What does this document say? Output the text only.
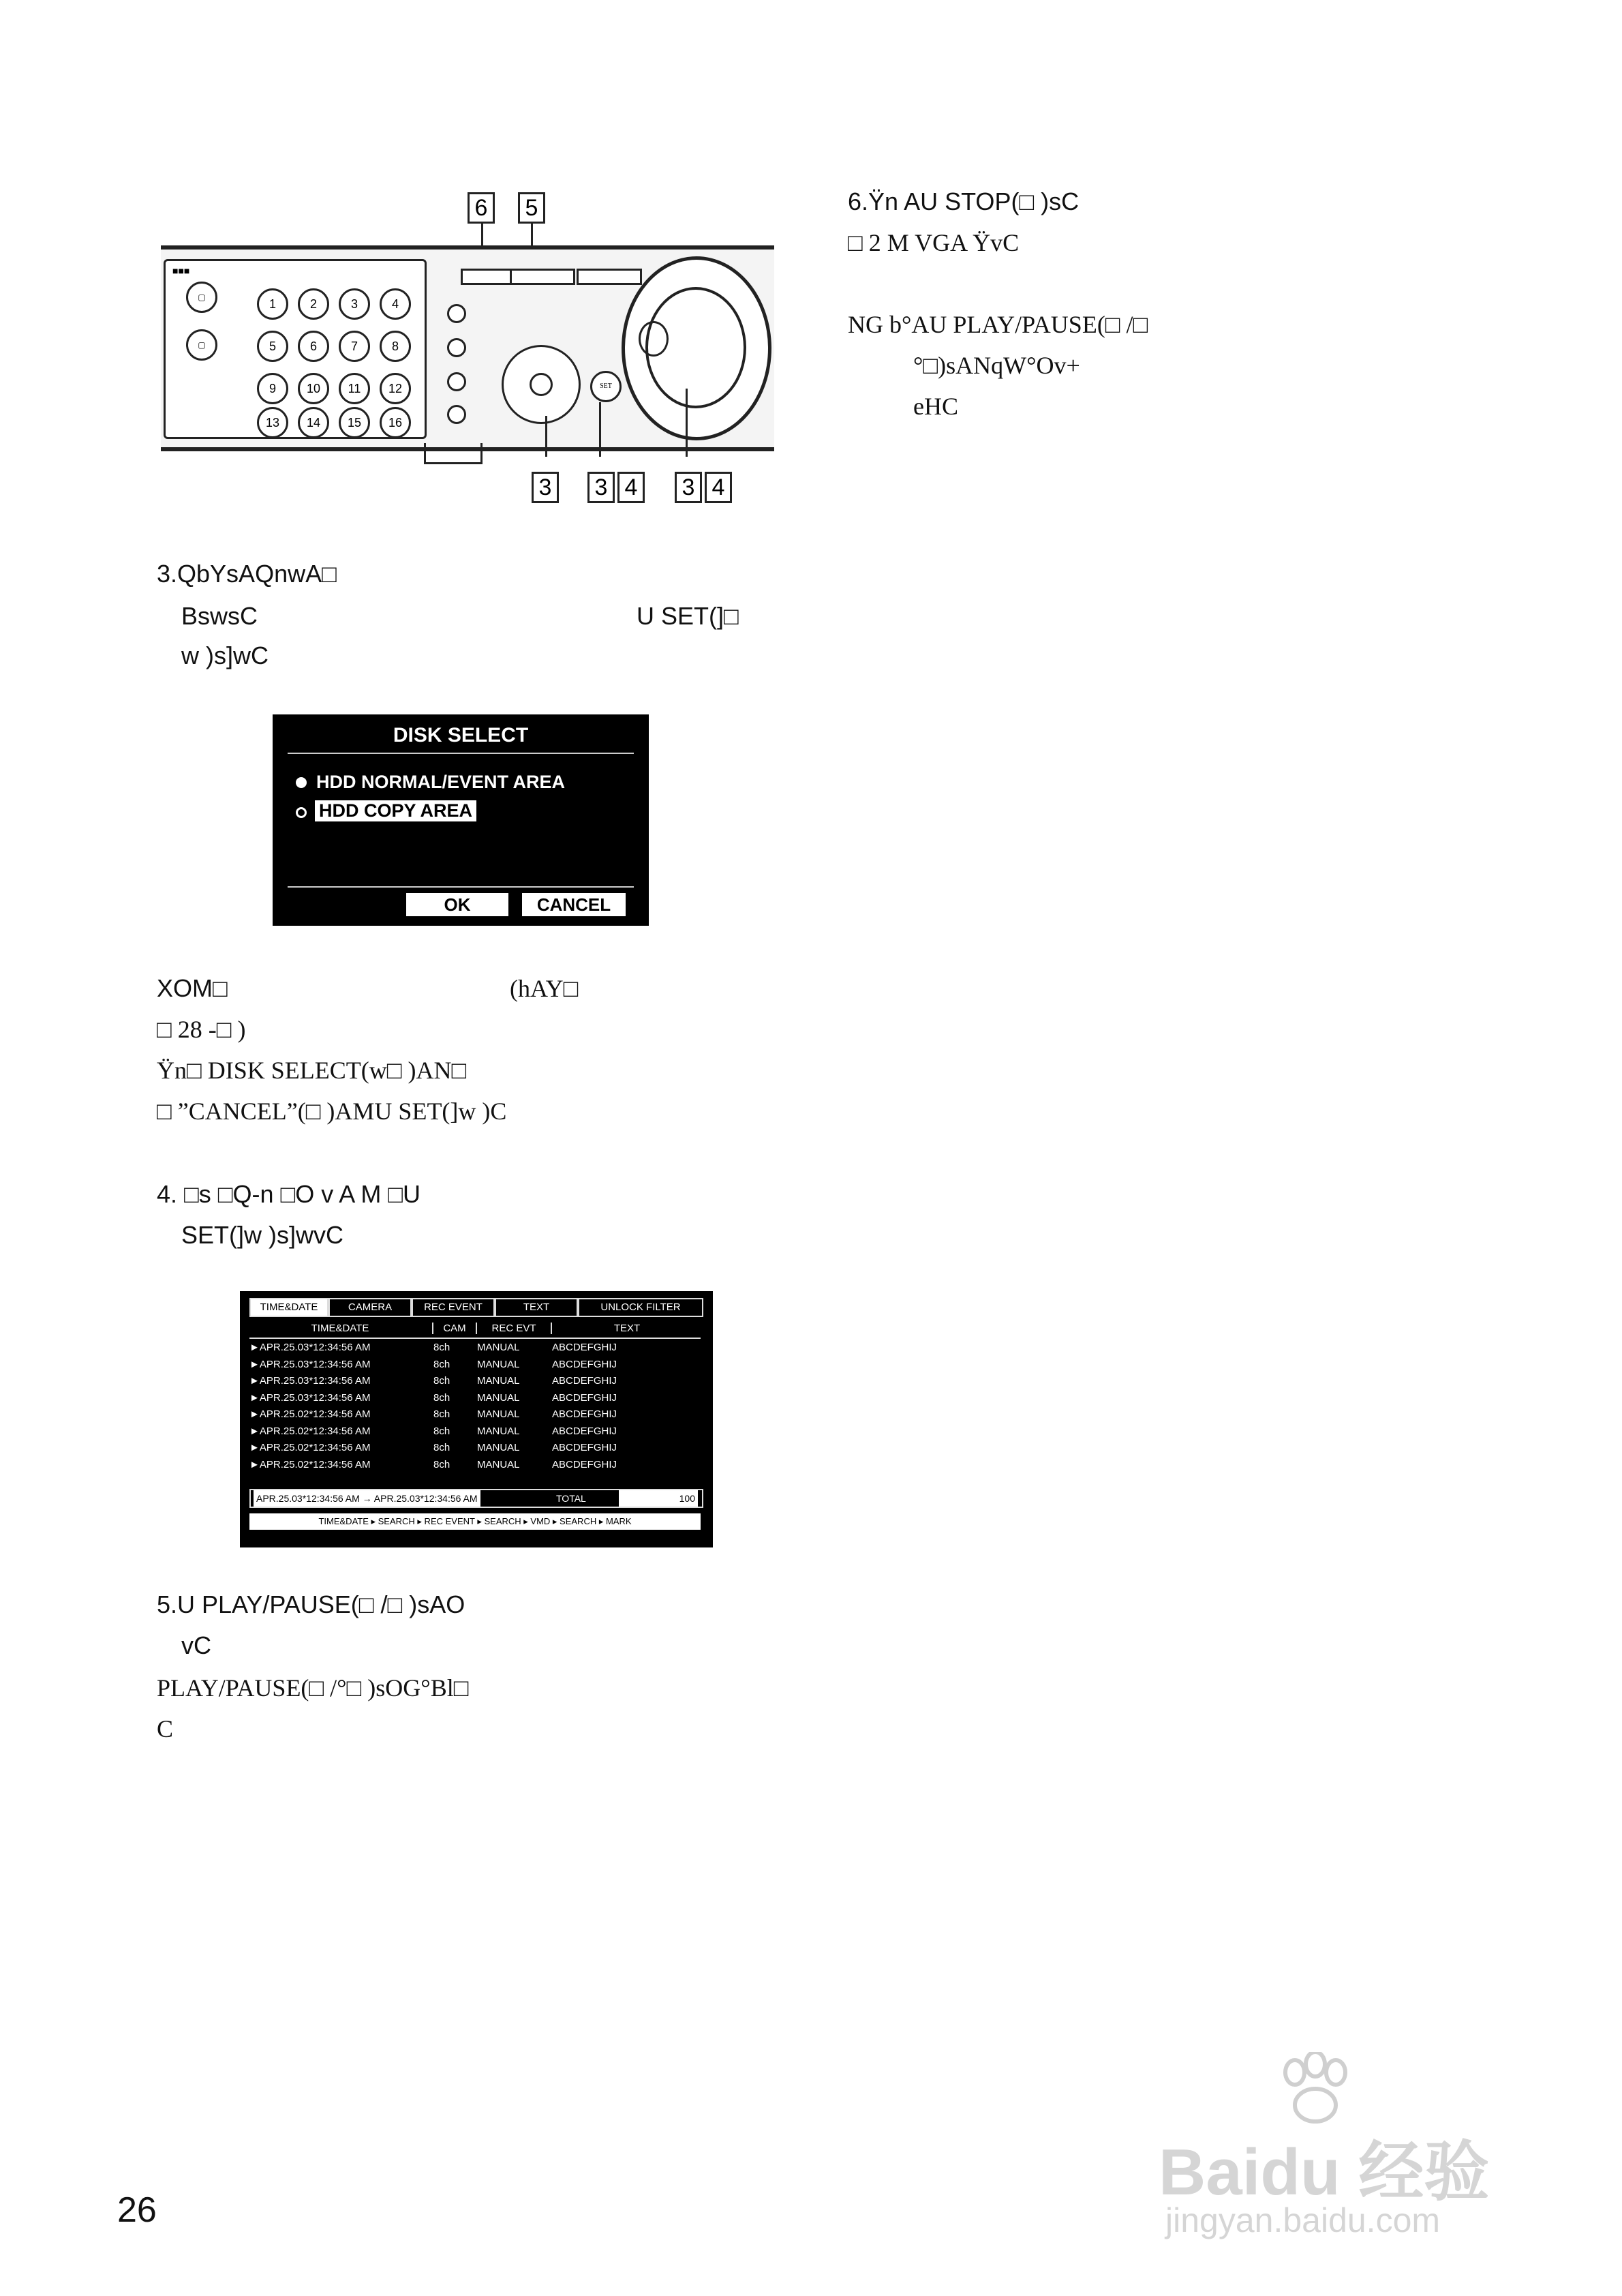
6	5
■■■
▢
▢	1	2	3	4
5	6	7	8
9	10	11	12
13	14	15	16
SET
3	3 4	3 4
6.Ÿn AU STOP(□ )sC
□ 2 M VGA ŸvC
NG b°AU PLAY/PAUSE(□ /□
°□)sANqW°Ov+
eHC
3.QbYsAQnwA□
BswsC	U SET(]□
w )s]wC
DISK SELECT
HDD NORMAL/EVENT AREA
HDD COPY AREA
OK	CANCEL
XOM□	(hAY□
□ 28 -□ )
Ÿn□ DISK SELECT(w□ )AN□
□ ”CANCEL”(□ )AMU SET(]w )C
4. □s □Q-n □O v A M □U
SET(]w )s]wvC
TIME&DATE	CAMERA	REC EVENT	TEXT	UNLOCK FILTER
TIME&DATE	CAM	REC EVT	TEXT
►APR.25.03*12:34:56 AM	8ch	MANUAL	ABCDEFGHIJ
►APR.25.03*12:34:56 AM	8ch	MANUAL	ABCDEFGHIJ
►APR.25.03*12:34:56 AM	8ch	MANUAL	ABCDEFGHIJ
►APR.25.03*12:34:56 AM	8ch	MANUAL	ABCDEFGHIJ
►APR.25.02*12:34:56 AM	8ch	MANUAL	ABCDEFGHIJ
►APR.25.02*12:34:56 AM	8ch	MANUAL	ABCDEFGHIJ
►APR.25.02*12:34:56 AM	8ch	MANUAL	ABCDEFGHIJ
►APR.25.02*12:34:56 AM	8ch	MANUAL	ABCDEFGHIJ
APR.25.03*12:34:56 AM → APR.25.03*12:34:56 AM	TOTAL	100
TIME&DATE ▸ SEARCH ▸ REC EVENT ▸ SEARCH ▸ VMD ▸ SEARCH ▸ MARK
5.U PLAY/PAUSE(□ /□ )sAO
vC
PLAY/PAUSE(□ /°□ )sOG°Bl□
C
26
Baidu 经验
jingyan.baidu.com
